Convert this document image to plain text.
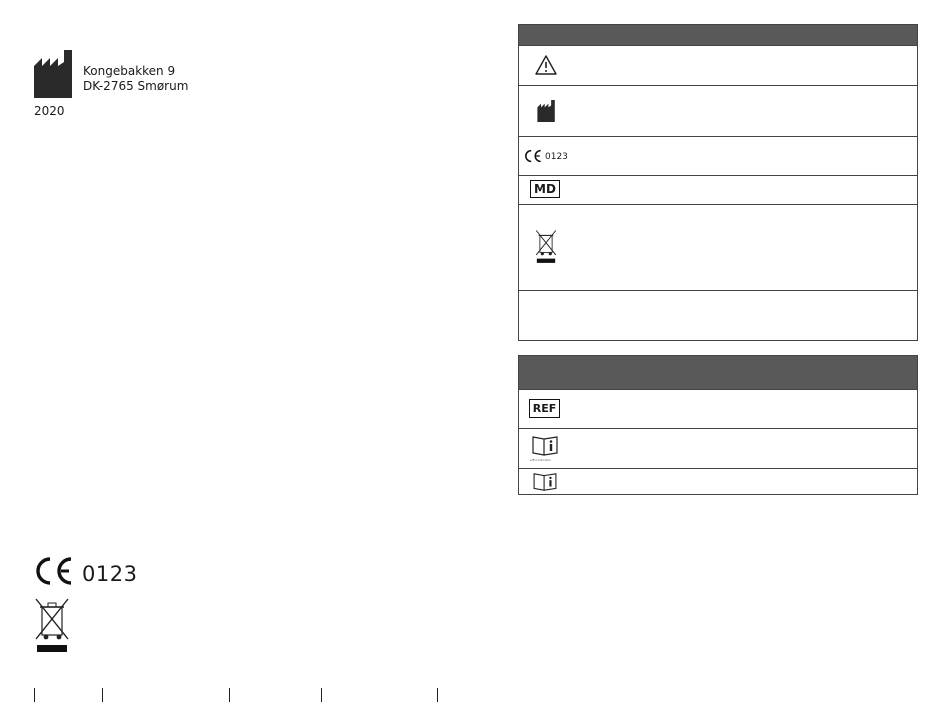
Kongebakken 9
DK-2765 Smørum
2020
0123
0123
MD
REF
eIFU indicator
